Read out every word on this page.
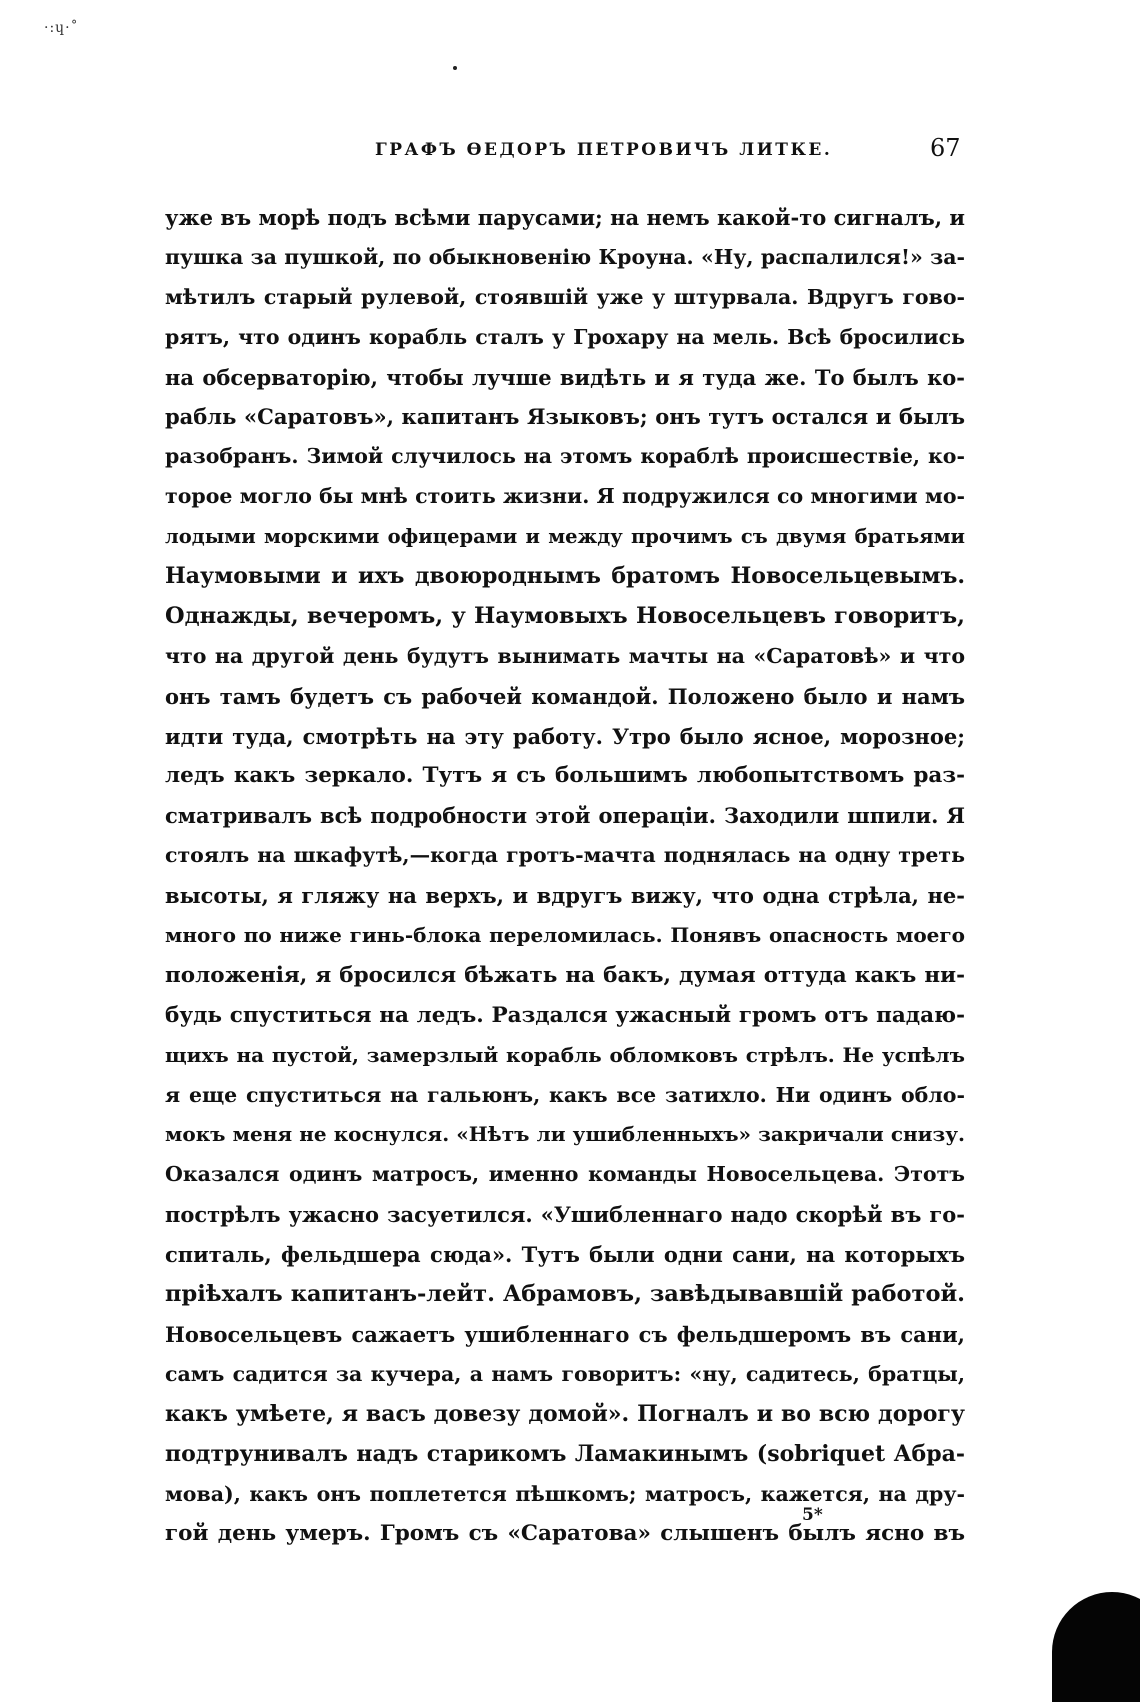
·:ɥ·˚
ГРАФЪ ѲЕДОРЪ ПЕТРОВИЧЪ ЛИТКЕ.	67
уже въ морѣ подъ всѣми парусами; на немъ какой-то сигналъ, и
пушка за пушкой, по обыкновенію Кроуна. «Ну, распалился!» за-
мѣтилъ старый рулевой, стоявшій уже у штурвала. Вдругъ гово-
рятъ, что одинъ корабль сталъ у Грохару на мель. Всѣ бросились
на обсерваторію, чтобы лучше видѣть и я туда же. То былъ ко-
рабль «Саратовъ», капитанъ Языковъ; онъ тутъ остался и былъ
разобранъ. Зимой случилось на этомъ кораблѣ происшествіе, ко-
торое могло бы мнѣ стоить жизни. Я подружился со многими мо-
лодыми морскими офицерами и между прочимъ съ двумя братьями
Наумовыми и ихъ двоюроднымъ братомъ Новосельцевымъ.
Однажды, вечеромъ, у Наумовыхъ Новосельцевъ говоритъ,
что на другой день будутъ вынимать мачты на «Саратовѣ» и что
онъ тамъ будетъ съ рабочей командой. Положено было и намъ
идти туда, смотрѣть на эту работу. Утро было ясное, морозное;
ледъ какъ зеркало. Тутъ я съ большимъ любопытствомъ раз-
сматривалъ всѣ подробности этой операціи. Заходили шпили. Я
стоялъ на шкафутѣ,—когда гротъ-мачта поднялась на одну треть
высоты, я гляжу на верхъ, и вдругъ вижу, что одна стрѣла, не-
много по ниже гинь-блока переломилась. Понявъ опасность моего
положенія, я бросился бѣжать на бакъ, думая оттуда какъ ни-
будь спуститься на ледъ. Раздался ужасный громъ отъ падаю-
щихъ на пустой, замерзлый корабль обломковъ стрѣлъ. Не успѣлъ
я еще спуститься на гальюнъ, какъ все затихло. Ни одинъ обло-
мокъ меня не коснулся. «Нѣтъ ли ушибленныхъ» закричали снизу.
Оказался одинъ матросъ, именно команды Новосельцева. Этотъ
пострѣлъ ужасно засуетился. «Ушибленнаго надо скорѣй въ го-
спиталь, фельдшера сюда». Тутъ были одни сани, на которыхъ
пріѣхалъ капитанъ-лейт. Абрамовъ, завѣдывавшій работой.
Новосельцевъ сажаетъ ушибленнаго съ фельдшеромъ въ сани,
самъ садится за кучера, а намъ говоритъ: «ну, садитесь, братцы,
какъ умѣете, я васъ довезу домой». Погналъ и во всю дорогу
подтрунивалъ надъ старикомъ Ламакинымъ (sobriquet Абра-
мова), какъ онъ поплетется пѣшкомъ; матросъ, кажется, на дру-
гой день умеръ. Громъ съ «Саратова» слышенъ былъ ясно въ
5*
